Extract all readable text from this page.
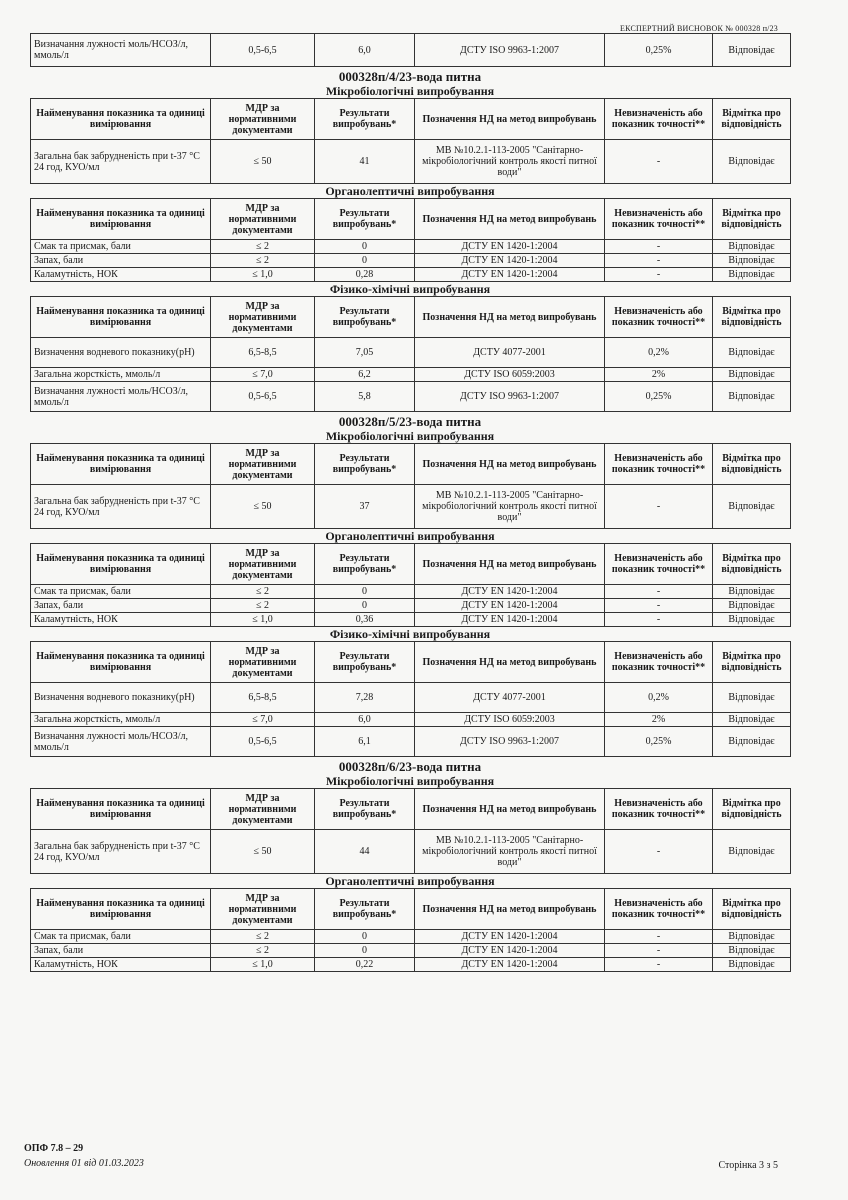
ЕКСПЕРТНИЙ ВИСНОВОК № 000328 п/23
Визначання лужності моль/НСОЗ/л, ммоль/л	0,5-6,5	6,0	ДСТУ ISO 9963-1:2007	0,25%	Відповідає
000328п/4/23-вода питна
Мікробіологічні випробування
Найменування показника та одиниці вимірювання	МДР за нормативними документами	Результати випробувань*	Позначення НД на метод випробувань	Невизначеність або показник точності**	Відмітка про відповідність
Загальна бак забрудненість при t-37 °С 24 год, КУО/мл	≤ 50	41	МВ №10.2.1-113-2005 "Санітарно-мікробіологічний контроль якості питної води"	-	Відповідає
Органолептичні випробування
Найменування показника та одиниці вимірювання	МДР за нормативними документами	Результати випробувань*	Позначення НД на метод випробувань	Невизначеність або показник точності**	Відмітка про відповідність
Смак та присмак, бали	≤ 2	0	ДСТУ EN 1420-1:2004	-	Відповідає
Запах, бали	≤ 2	0	ДСТУ EN 1420-1:2004	-	Відповідає
Каламутність, НОК	≤ 1,0	0,28	ДСТУ EN 1420-1:2004	-	Відповідає
Фізико-хімічні випробування
Найменування показника та одиниці вимірювання	МДР за нормативними документами	Результати випробувань*	Позначення НД на метод випробувань	Невизначеність або показник точності**	Відмітка про відповідність
Визначення водневого показнику(рН)	6,5-8,5	7,05	ДСТУ 4077-2001	0,2%	Відповідає
Загальна жорсткість, ммоль/л	≤ 7,0	6,2	ДСТУ ISO 6059:2003	2%	Відповідає
Визначання лужності моль/НСОЗ/л, ммоль/л	0,5-6,5	5,8	ДСТУ ISO 9963-1:2007	0,25%	Відповідає
000328п/5/23-вода питна
Мікробіологічні випробування
Найменування показника та одиниці вимірювання	МДР за нормативними документами	Результати випробувань*	Позначення НД на метод випробувань	Невизначеність або показник точності**	Відмітка про відповідність
Загальна бак забрудненість при t-37 °С 24 год, КУО/мл	≤ 50	37	МВ №10.2.1-113-2005 "Санітарно-мікробіологічний контроль якості питної води"	-	Відповідає
Органолептичні випробування
Найменування показника та одиниці вимірювання	МДР за нормативними документами	Результати випробувань*	Позначення НД на метод випробувань	Невизначеність або показник точності**	Відмітка про відповідність
Смак та присмак, бали	≤ 2	0	ДСТУ EN 1420-1:2004	-	Відповідає
Запах, бали	≤ 2	0	ДСТУ EN 1420-1:2004	-	Відповідає
Каламутність, НОК	≤ 1,0	0,36	ДСТУ EN 1420-1:2004	-	Відповідає
Фізико-хімічні випробування
Найменування показника та одиниці вимірювання	МДР за нормативними документами	Результати випробувань*	Позначення НД на метод випробувань	Невизначеність або показник точності**	Відмітка про відповідність
Визначення водневого показнику(рН)	6,5-8,5	7,28	ДСТУ 4077-2001	0,2%	Відповідає
Загальна жорсткість, ммоль/л	≤ 7,0	6,0	ДСТУ ISO 6059:2003	2%	Відповідає
Визначання лужності моль/НСОЗ/л, ммоль/л	0,5-6,5	6,1	ДСТУ ISO 9963-1:2007	0,25%	Відповідає
000328п/6/23-вода питна
Мікробіологічні випробування
Найменування показника та одиниці вимірювання	МДР за нормативними документами	Результати випробувань*	Позначення НД на метод випробувань	Невизначеність або показник точності**	Відмітка про відповідність
Загальна бак забрудненість при t-37 °С 24 год, КУО/мл	≤ 50	44	МВ №10.2.1-113-2005 "Санітарно-мікробіологічний контроль якості питної води"	-	Відповідає
Органолептичні випробування
Найменування показника та одиниці вимірювання	МДР за нормативними документами	Результати випробувань*	Позначення НД на метод випробувань	Невизначеність або показник точності**	Відмітка про відповідність
Смак та присмак, бали	≤ 2	0	ДСТУ EN 1420-1:2004	-	Відповідає
Запах, бали	≤ 2	0	ДСТУ EN 1420-1:2004	-	Відповідає
Каламутність, НОК	≤ 1,0	0,22	ДСТУ EN 1420-1:2004	-	Відповідає
ОПФ 7.8 – 29
Оновлення 01 від 01.03.2023	Сторінка 3 з 5
